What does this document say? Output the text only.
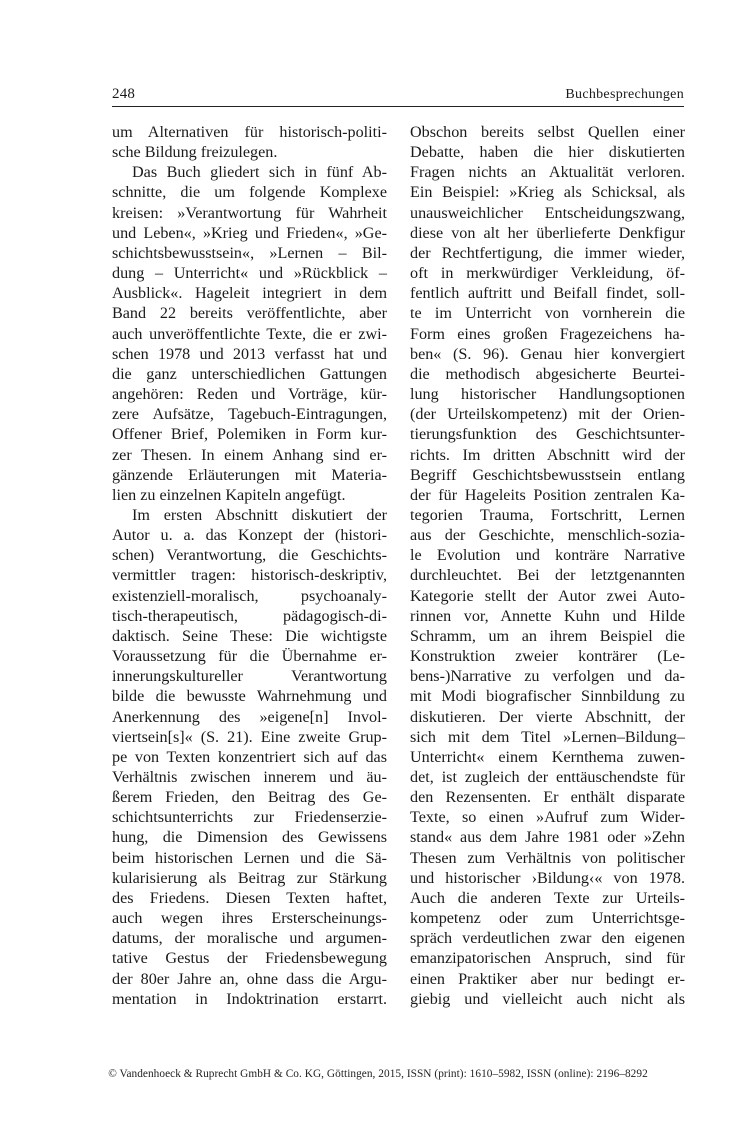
248	Buchbesprechungen
um Alternativen für historisch-politi-
sche Bildung freizulegen.
Das Buch gliedert sich in fünf Ab-
schnitte, die um folgende Komplexe
kreisen: »Verantwortung für Wahrheit
und Leben«, »Krieg und Frieden«, »Ge-
schichtsbewusstsein«, »Lernen – Bil-
dung – Unterricht« und »Rückblick –
Ausblick«. Hageleit integriert in dem
Band 22 bereits veröffentlichte, aber
auch unveröffentlichte Texte, die er zwi-
schen 1978 und 2013 verfasst hat und
die ganz unterschiedlichen Gattungen
angehören: Reden und Vorträge, kür-
zere Aufsätze, Tagebuch-Eintragungen,
Offener Brief, Polemiken in Form kur-
zer Thesen. In einem Anhang sind er-
gänzende Erläuterungen mit Materia-
lien zu einzelnen Kapiteln angefügt.
Im ersten Abschnitt diskutiert der
Autor u. a. das Konzept der (histori-
schen) Verantwortung, die Geschichts-
vermittler tragen: historisch-deskriptiv,
existenziell-moralisch, psychoanaly-
tisch-therapeutisch, pädagogisch-di-
daktisch. Seine These: Die wichtigste
Voraussetzung für die Übernahme er-
innerungskultureller Verantwortung
bilde die bewusste Wahrnehmung und
Anerkennung des »eigene[n] Invol-
viertsein[s]« (S. 21). Eine zweite Grup-
pe von Texten konzentriert sich auf das
Verhältnis zwischen innerem und äu-
ßerem Frieden, den Beitrag des Ge-
schichtsunterrichts zur Friedenserzie-
hung, die Dimension des Gewissens
beim historischen Lernen und die Sä-
kularisierung als Beitrag zur Stärkung
des Friedens. Diesen Texten haftet,
auch wegen ihres Ersterscheinungs-
datums, der moralische und argumen-
tative Gestus der Friedensbewegung
der 80er Jahre an, ohne dass die Argu-
mentation in Indoktrination erstarrt.
Obschon bereits selbst Quellen einer
Debatte, haben die hier diskutierten
Fragen nichts an Aktualität verloren.
Ein Beispiel: »Krieg als Schicksal, als
unausweichlicher Entscheidungszwang,
diese von alt her überlieferte Denkfigur
der Rechtfertigung, die immer wieder,
oft in merkwürdiger Verkleidung, öf-
fentlich auftritt und Beifall findet, soll-
te im Unterricht von vornherein die
Form eines großen Fragezeichens ha-
ben« (S. 96). Genau hier konvergiert
die methodisch abgesicherte Beurtei-
lung historischer Handlungsoptionen
(der Urteilskompetenz) mit der Orien-
tierungsfunktion des Geschichtsunter-
richts. Im dritten Abschnitt wird der
Begriff Geschichtsbewusstsein entlang
der für Hageleits Position zentralen Ka-
tegorien Trauma, Fortschritt, Lernen
aus der Geschichte, menschlich-sozia-
le Evolution und konträre Narrative
durchleuchtet. Bei der letztgenannten
Kategorie stellt der Autor zwei Auto-
rinnen vor, Annette Kuhn und Hilde
Schramm, um an ihrem Beispiel die
Konstruktion zweier konträrer (Le-
bens-)Narrative zu verfolgen und da-
mit Modi biografischer Sinnbildung zu
diskutieren. Der vierte Abschnitt, der
sich mit dem Titel »Lernen–Bildung–
Unterricht« einem Kernthema zuwen-
det, ist zugleich der enttäuschendste für
den Rezensenten. Er enthält disparate
Texte, so einen »Aufruf zum Wider-
stand« aus dem Jahre 1981 oder »Zehn
Thesen zum Verhältnis von politischer
und historischer ›Bildung‹« von 1978.
Auch die anderen Texte zur Urteils-
kompetenz oder zum Unterrichtsge-
spräch verdeutlichen zwar den eigenen
emanzipatorischen Anspruch, sind für
einen Praktiker aber nur bedingt er-
giebig und vielleicht auch nicht als
© Vandenhoeck & Ruprecht GmbH & Co. KG, Göttingen, 2015, ISSN (print): 1610–5982, ISSN (online): 2196–8292
